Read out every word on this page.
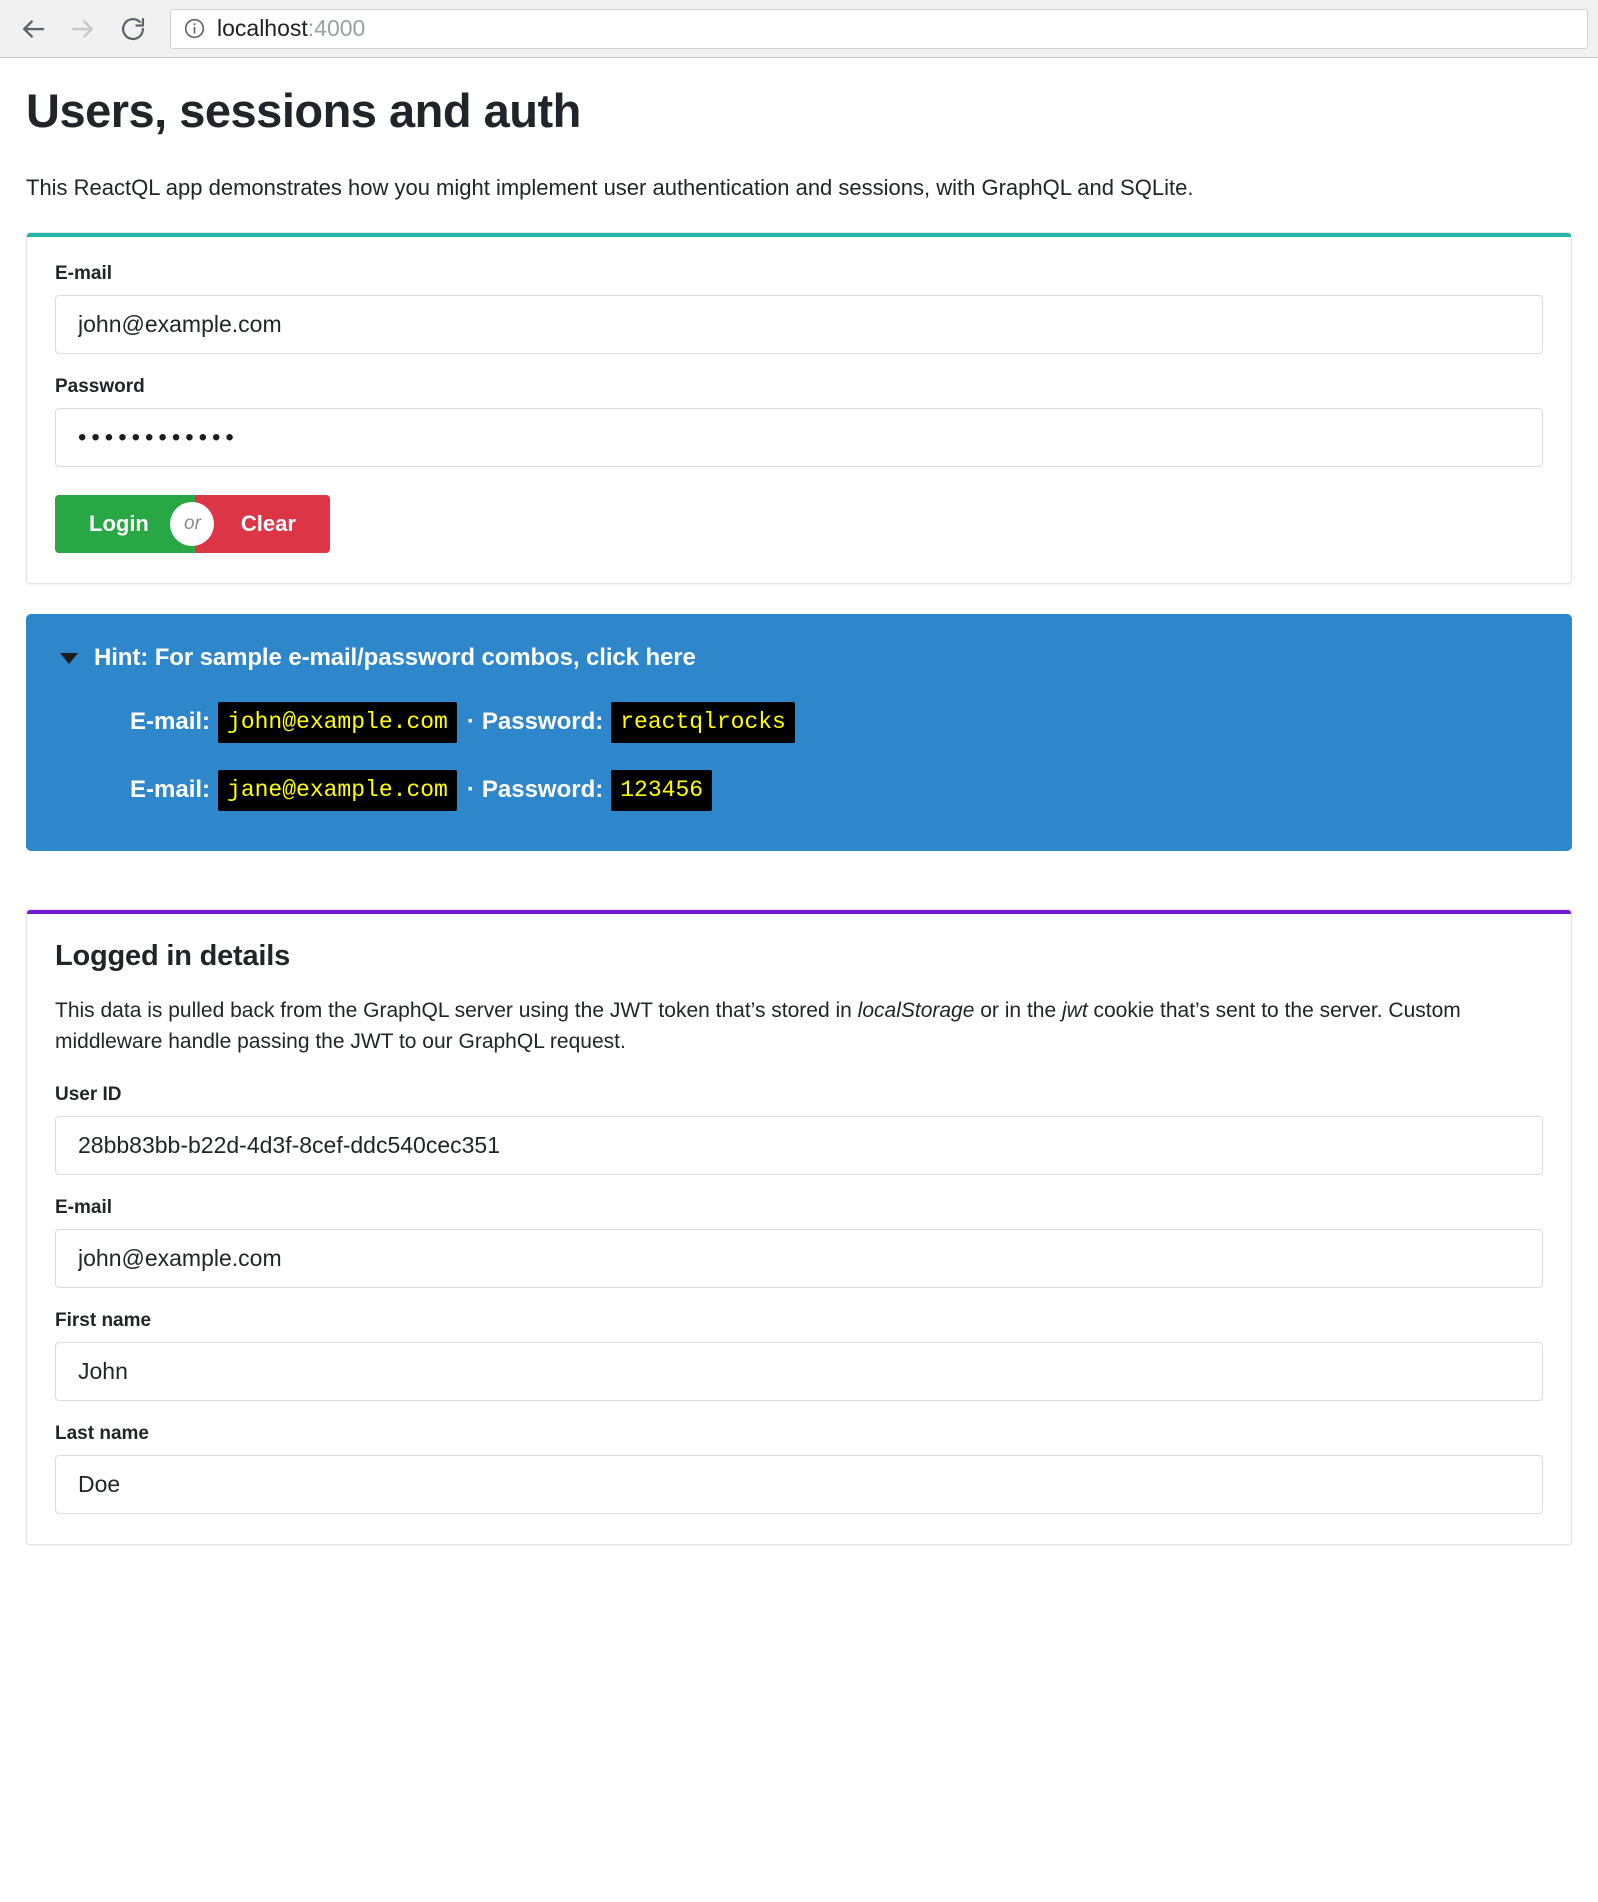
localhost:4000
Users, sessions and auth

This ReactQL app demonstrates how you might implement user authentication and sessions, with GraphQL and SQLite.

E-mail
john@example.com
Password
••••••••••••
Login	or	Clear
Hint: For sample e-mail/password combos, click here
E-mail: john@example.com · Password: reactqlrocks
E-mail: jane@example.com · Password: 123456
Logged in details

This data is pulled back from the GraphQL server using the JWT token that’s stored in localStorage or in the jwt cookie that’s sent to the server. Custom middleware handle passing the JWT to our GraphQL request.

User ID
28bb83bb-b22d-4d3f-8cef-ddc540cec351
E-mail
john@example.com
First name
John
Last name
Doe
